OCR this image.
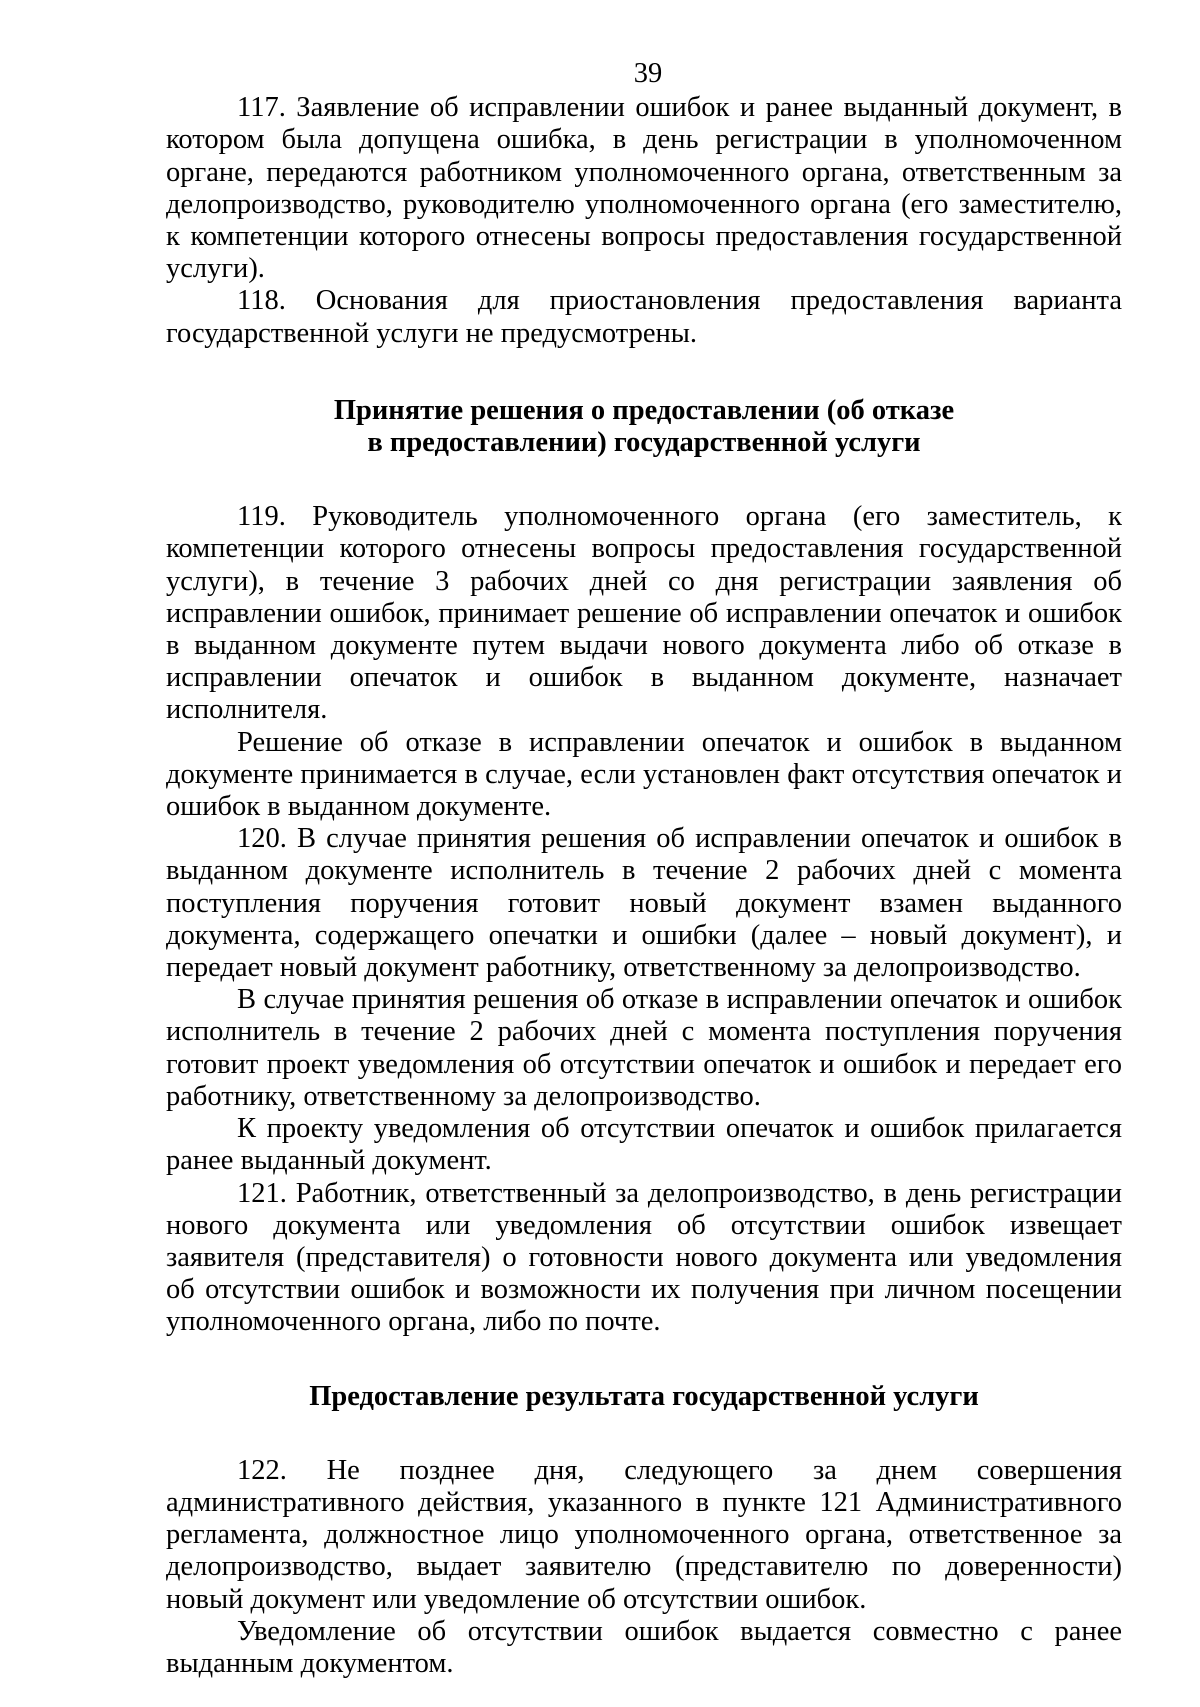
39

117. Заявление об исправлении ошибок и ранее выданный документ, в котором была допущена ошибка, в день регистрации в уполномоченном органе, передаются работником уполномоченного органа, ответственным за делопроизводство, руководителю уполномоченного органа (его заместителю, к компетенции которого отнесены вопросы предоставления государственной услуги).

118. Основания для приостановления предоставления варианта государственной услуги не предусмотрены.

Принятие решения о предоставлении (об отказе
в предоставлении) государственной услуги

119. Руководитель уполномоченного органа (его заместитель, к компетенции которого отнесены вопросы предоставления государственной услуги), в течение 3 рабочих дней со дня регистрации заявления об исправлении ошибок, принимает решение об исправлении опечаток и ошибок в выданном документе путем выдачи нового документа либо об отказе в исправлении опечаток и ошибок в выданном документе, назначает исполнителя.

Решение об отказе в исправлении опечаток и ошибок в выданном документе принимается в случае, если установлен факт отсутствия опечаток и ошибок в выданном документе.

120. В случае принятия решения об исправлении опечаток и ошибок в выданном документе исполнитель в течение 2 рабочих дней с момента поступления поручения готовит новый документ взамен выданного документа, содержащего опечатки и ошибки (далее – новый документ), и передает новый документ работнику, ответственному за делопроизводство.

В случае принятия решения об отказе в исправлении опечаток и ошибок исполнитель в течение 2 рабочих дней с момента поступления поручения готовит проект уведомления об отсутствии опечаток и ошибок и передает его работнику, ответственному за делопроизводство.

К проекту уведомления об отсутствии опечаток и ошибок прилагается ранее выданный документ.

121. Работник, ответственный за делопроизводство, в день регистрации нового документа или уведомления об отсутствии ошибок извещает заявителя (представителя) о готовности нового документа или уведомления об отсутствии ошибок и возможности их получения при личном посещении уполномоченного органа, либо по почте.

Предоставление результата государственной услуги

122. Не позднее дня, следующего за днем совершения административного действия, указанного в пункте 121 Административного регламента, должностное лицо уполномоченного органа, ответственное за делопроизводство, выдает заявителю (представителю по доверенности) новый документ или уведомление об отсутствии ошибок.

Уведомление об отсутствии ошибок выдается совместно с ранее выданным документом.
